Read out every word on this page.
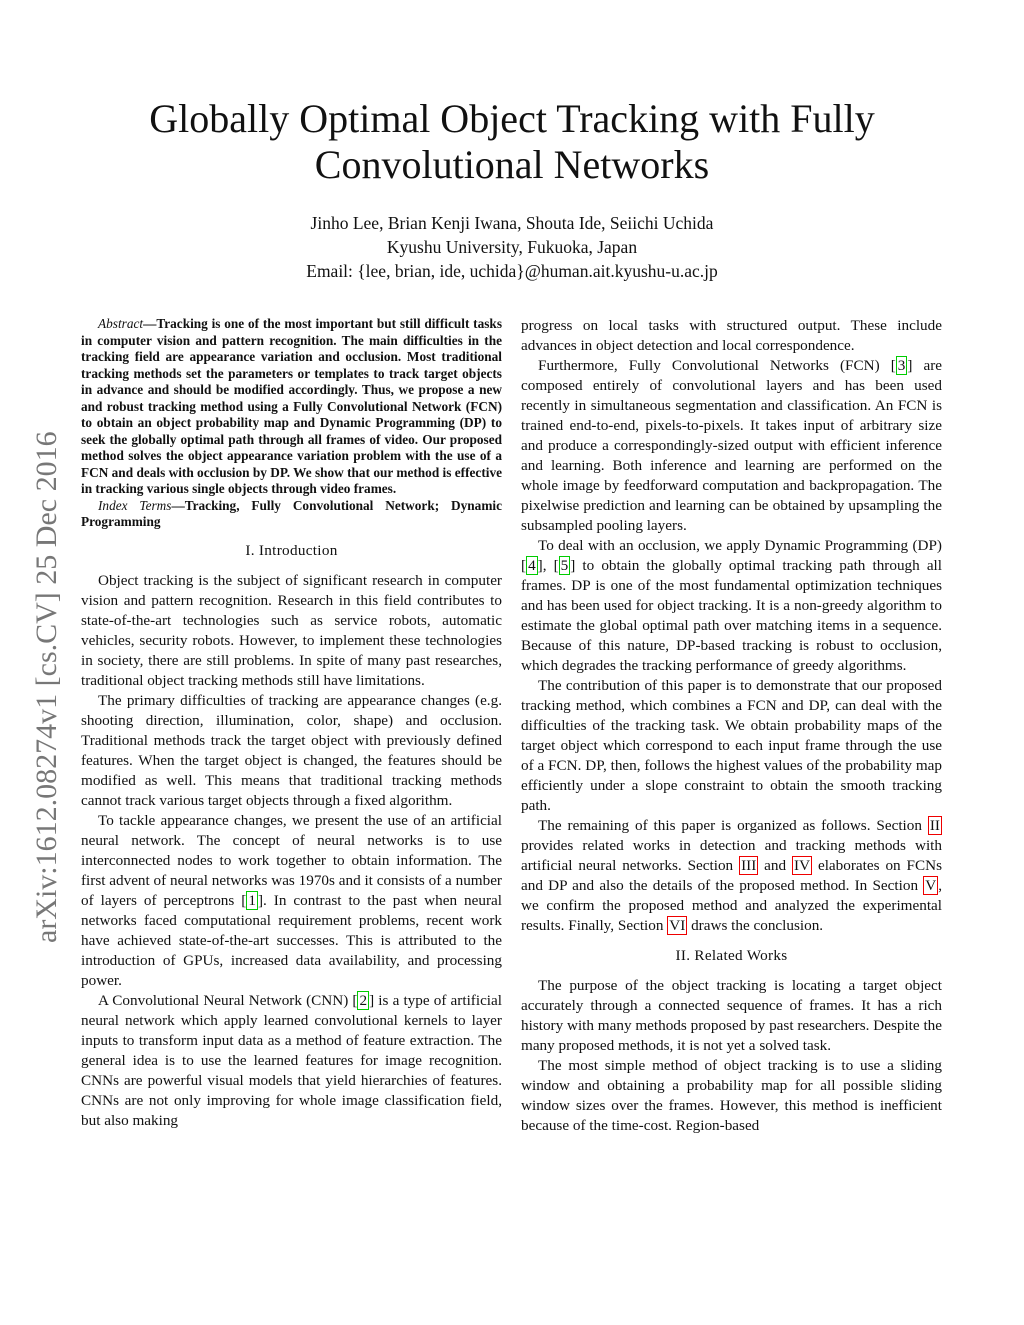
Globally Optimal Object Tracking with Fully
Convolutional Networks
Jinho Lee, Brian Kenji Iwana, Shouta Ide, Seiichi Uchida
Kyushu University, Fukuoka, Japan
Email: {lee, brian, ide, uchida}@human.ait.kyushu-u.ac.jp
arXiv:1612.08274v1 [cs.CV] 25 Dec 2016

Abstract—Tracking is one of the most important but still difficult tasks in computer vision and pattern recognition. The main difficulties in the tracking field are appearance variation and occlusion. Most traditional tracking methods set the parameters or templates to track target objects in advance and should be modified accordingly. Thus, we propose a new and robust tracking method using a Fully Convolutional Network (FCN) to obtain an object probability map and Dynamic Programming (DP) to seek the globally optimal path through all frames of video. Our proposed method solves the object appearance variation problem with the use of a FCN and deals with occlusion by DP. We show that our method is effective in tracking various single objects through video frames.

Index Terms—Tracking, Fully Convolutional Network; Dynamic Programming

I. Introduction

Object tracking is the subject of significant research in computer vision and pattern recognition. Research in this field contributes to state-of-the-art technologies such as service robots, automatic vehicles, security robots. However, to implement these technologies in society, there are still problems. In spite of many past researches, traditional object tracking methods still have limitations.

The primary difficulties of tracking are appearance changes (e.g. shooting direction, illumination, color, shape) and occlusion. Traditional methods track the target object with previously defined features. When the target object is changed, the features should be modified as well. This means that traditional tracking methods cannot track various target objects through a fixed algorithm.

To tackle appearance changes, we present the use of an artificial neural network. The concept of neural networks is to use interconnected nodes to work together to obtain information. The first advent of neural networks was 1970s and it consists of a number of layers of perceptrons [ 1 ]. In contrast to the past when neural networks faced computational requirement problems, recent work have achieved state-of-the-art successes. This is attributed to the introduction of GPUs, increased data availability, and processing power.

A Convolutional Neural Network (CNN) [ 2 ] is a type of artificial neural network which apply learned convolutional kernels to layer inputs to transform input data as a method of feature extraction. The general idea is to use the learned features for image recognition. CNNs are powerful visual models that yield hierarchies of features. CNNs are not only improving for whole image classification field, but also making

progress on local tasks with structured output. These include advances in object detection and local correspondence.

Furthermore, Fully Convolutional Networks (FCN) [ 3 ] are composed entirely of convolutional layers and has been used recently in simultaneous segmentation and classification. An FCN is trained end-to-end, pixels-to-pixels. It takes input of arbitrary size and produce a correspondingly-sized output with efficient inference and learning. Both inference and learning are performed on the whole image by feedforward computation and backpropagation. The pixelwise prediction and learning can be obtained by upsampling the subsampled pooling layers.

To deal with an occlusion, we apply Dynamic Programming (DP) [ 4 ], [ 5 ] to obtain the globally optimal tracking path through all frames. DP is one of the most fundamental optimization techniques and has been used for object tracking. It is a non-greedy algorithm to estimate the global optimal path over matching items in a sequence. Because of this nature, DP-based tracking is robust to occlusion, which degrades the tracking performance of greedy algorithms.

The contribution of this paper is to demonstrate that our proposed tracking method, which combines a FCN and DP, can deal with the difficulties of the tracking task. We obtain probability maps of the target object which correspond to each input frame through the use of a FCN. DP, then, follows the highest values of the probability map efficiently under a slope constraint to obtain the smooth tracking path.

The remaining of this paper is organized as follows. Section II provides related works in detection and tracking methods with artificial neural networks. Section III and IV elaborates on FCNs and DP and also the details of the proposed method. In Section V , we confirm the proposed method and analyzed the experimental results. Finally, Section VI draws the conclusion.

II. Related Works

The purpose of the object tracking is locating a target object accurately through a connected sequence of frames. It has a rich history with many methods proposed by past researchers. Despite the many proposed methods, it is not yet a solved task.

The most simple method of object tracking is to use a sliding window and obtaining a probability map for all possible sliding window sizes over the frames. However, this method is inefficient because of the time-cost. Region-based
